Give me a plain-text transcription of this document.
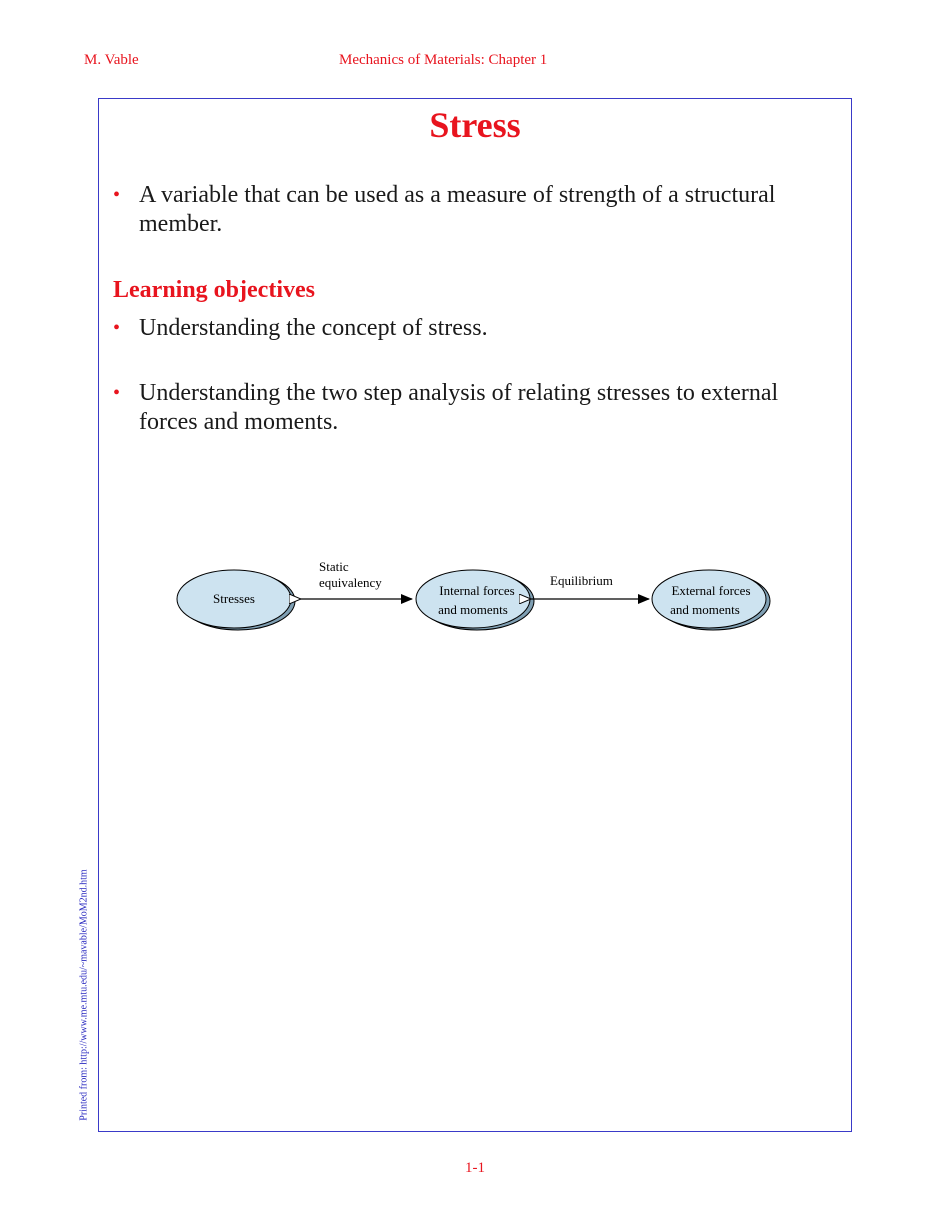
M. Vable	Mechanics of Materials: Chapter 1
Stress
• A variable that can be used as a measure of strength of a structural member.
Learning objectives
• Understanding the concept of stress.
• Understanding the two step analysis of relating stresses to external forces and moments.
Stresses
Internal forces
and moments
External forces
and moments
Static
equivalency	Equilibrium
Printed from: http://www.me.mtu.edu/~mavable/MoM2nd.htm
1-1
